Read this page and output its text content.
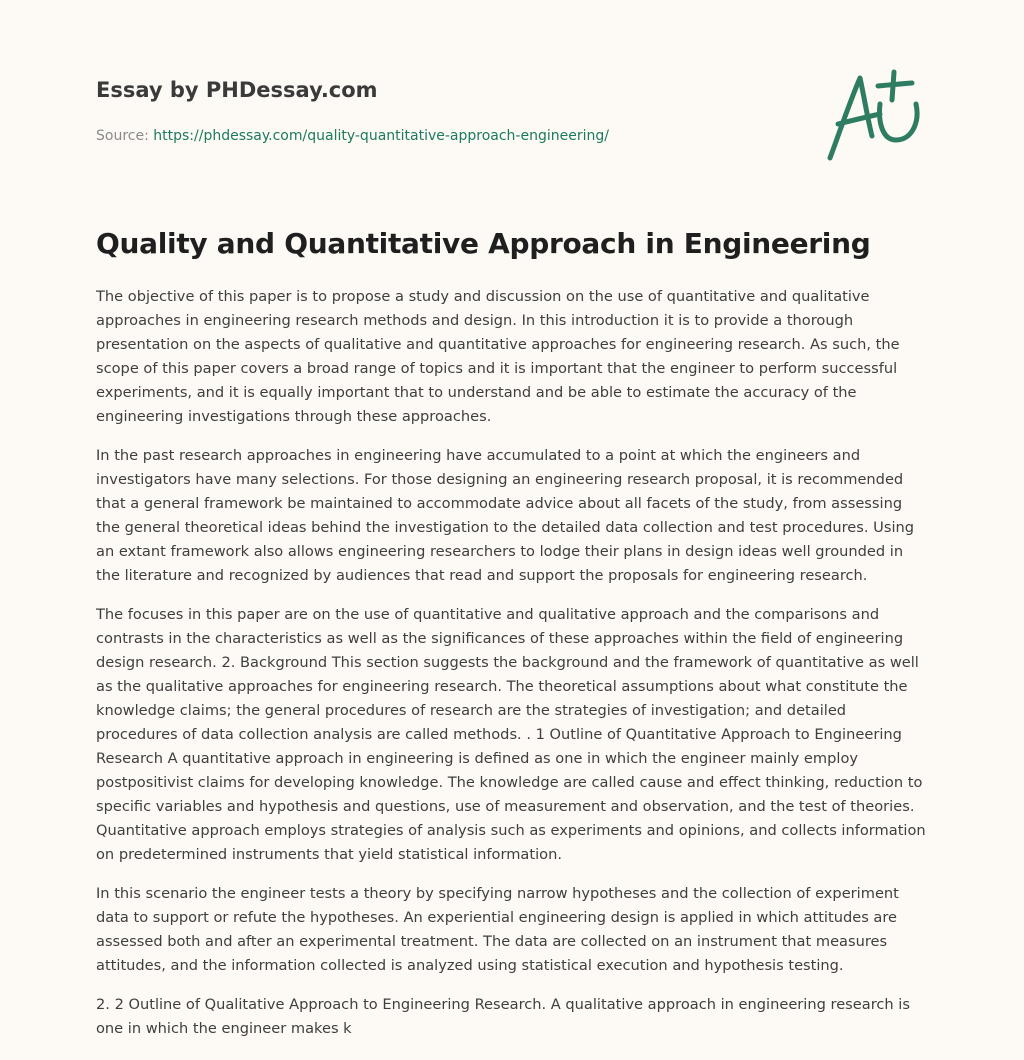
Essay by PHDessay.com
Source: https://phdessay.com/quality-quantitative-approach-engineering/
Quality and Quantitative Approach in Engineering

The objective of this paper is to propose a study and discussion on the use of quantitative and qualitative approaches in engineering research methods and design. In this introduction it is to provide a thorough presentation on the aspects of qualitative and quantitative approaches for engineering research. As such, the scope of this paper covers a broad range of topics and it is important that the engineer to perform successful experiments, and it is equally important that to understand and be able to estimate the accuracy of the engineering investigations through these approaches.

In the past research approaches in engineering have accumulated to a point at which the engineers and investigators have many selections. For those designing an engineering research proposal, it is recommended that a general framework be maintained to accommodate advice about all facets of the study, from assessing the general theoretical ideas behind the investigation to the detailed data collection and test procedures. Using an extant framework also allows engineering researchers to lodge their plans in design ideas well grounded in the literature and recognized by audiences that read and support the proposals for engineering research.

The focuses in this paper are on the use of quantitative and qualitative approach and the comparisons and contrasts in the characteristics as well as the significances of these approaches within the field of engineering design research. 2. Background This section suggests the background and the framework of quantitative as well as the qualitative approaches for engineering research. The theoretical assumptions about what constitute the knowledge claims; the general procedures of research are the strategies of investigation; and detailed procedures of data collection analysis are called methods. . 1 Outline of Quantitative Approach to Engineering Research A quantitative approach in engineering is defined as one in which the engineer mainly employ postpositivist claims for developing knowledge. The knowledge are called cause and effect thinking, reduction to specific variables and hypothesis and questions, use of measurement and observation, and the test of theories. Quantitative approach employs strategies of analysis such as experiments and opinions, and collects information on predetermined instruments that yield statistical information.

In this scenario the engineer tests a theory by specifying narrow hypotheses and the collection of experiment data to support or refute the hypotheses. An experiential engineering design is applied in which attitudes are assessed both and after an experimental treatment. The data are collected on an instrument that measures attitudes, and the information collected is analyzed using statistical execution and hypothesis testing.

2. 2 Outline of Qualitative Approach to Engineering Research. A qualitative approach in engineering research is one in which the engineer makes k
